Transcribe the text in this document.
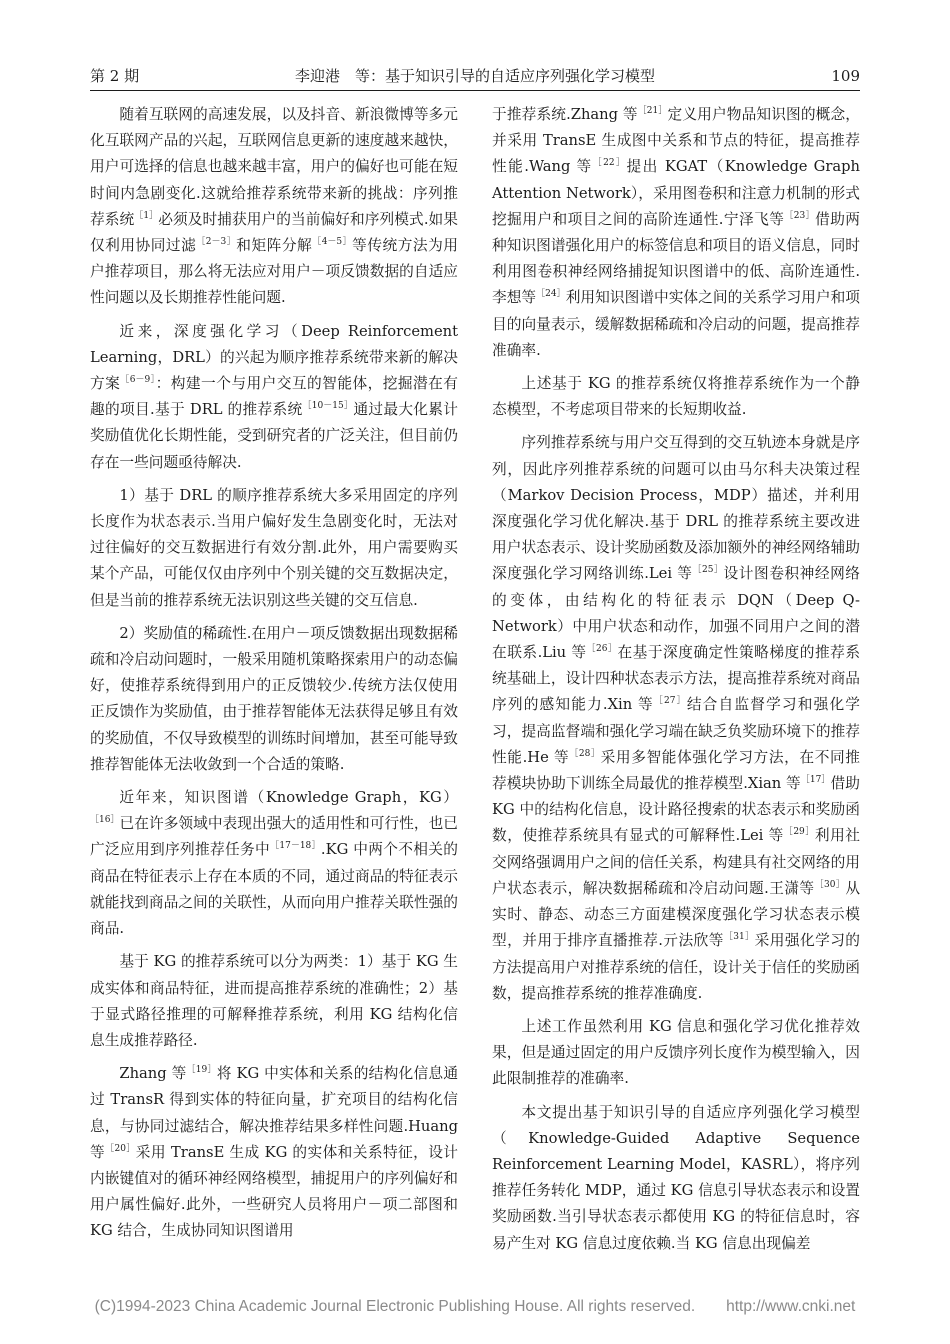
第 2 期	李迎港　等：基于知识引导的自适应序列强化学习模型	109

随着互联网的高速发展，以及抖音、新浪微博等多元化互联网产品的兴起，互联网信息更新的速度越来越快，用户可选择的信息也越来越丰富，用户的偏好也可能在短时间内急剧变化.这就给推荐系统带来新的挑战：序列推荐系统$^{[1]}$必须及时捕获用户的当前偏好和序列模式.如果仅利用协同过滤$^{[2-3]}$和矩阵分解$^{[4-5]}$等传统方法为用户推荐项目，那么将无法应对用户－项反馈数据的自适应性问题以及长期推荐性能问题.

近来，深度强化学习（Deep Reinforcement Learning，DRL）的兴起为顺序推荐系统带来新的解决方案$^{[6-9]}$：构建一个与用户交互的智能体，挖掘潜在有趣的项目.基于 DRL 的推荐系统$^{[10-15]}$通过最大化累计奖励值优化长期性能，受到研究者的广泛关注，但目前仍存在一些问题亟待解决.

1）基于 DRL 的顺序推荐系统大多采用固定的序列长度作为状态表示.当用户偏好发生急剧变化时，无法对过往偏好的交互数据进行有效分割.此外，用户需要购买某个产品，可能仅仅由序列中个别关键的交互数据决定，但是当前的推荐系统无法识别这些关键的交互信息.

2）奖励值的稀疏性.在用户－项反馈数据出现数据稀疏和冷启动问题时，一般采用随机策略探索用户的动态偏好，使推荐系统得到用户的正反馈较少.传统方法仅使用正反馈作为奖励值，由于推荐智能体无法获得足够且有效的奖励值，不仅导致模型的训练时间增加，甚至可能导致推荐智能体无法收敛到一个合适的策略.

近年来，知识图谱（Knowledge Graph，KG）$^{[16]}$已在许多领域中表现出强大的适用性和可行性，也已广泛应用到序列推荐任务中$^{[17-18]}$.KG 中两个不相关的商品在特征表示上存在本质的不同，通过商品的特征表示就能找到商品之间的关联性，从而向用户推荐关联性强的商品.

基于 KG 的推荐系统可以分为两类：1）基于 KG 生成实体和商品特征，进而提高推荐系统的准确性；2）基于显式路径推理的可解释推荐系统，利用 KG 结构化信息生成推荐路径.

Zhang 等$^{[19]}$将 KG 中实体和关系的结构化信息通过 TransR 得到实体的特征向量，扩充项目的结构化信息，与协同过滤结合，解决推荐结果多样性问题.Huang 等$^{[20]}$采用 TransE 生成 KG 的实体和关系特征，设计内嵌键值对的循环神经网络模型，捕捉用户的序列偏好和用户属性偏好.此外，一些研究人员将用户－项二部图和 KG 结合，生成协同知识图谱用

于推荐系统.Zhang 等$^{[21]}$定义用户物品知识图的概念，并采用 TransE 生成图中关系和节点的特征，提高推荐性能.Wang 等$^{[22]}$提出 KGAT（Knowledge Graph Attention Network），采用图卷积和注意力机制的形式挖掘用户和项目之间的高阶连通性.宁泽飞等$^{[23]}$借助两种知识图谱强化用户的标签信息和项目的语义信息，同时利用图卷积神经网络捕捉知识图谱中的低、高阶连通性.李想等$^{[24]}$利用知识图谱中实体之间的关系学习用户和项目的向量表示，缓解数据稀疏和冷启动的问题，提高推荐准确率.

上述基于 KG 的推荐系统仅将推荐系统作为一个静态模型，不考虑项目带来的长短期收益.

序列推荐系统与用户交互得到的交互轨迹本身就是序列，因此序列推荐系统的问题可以由马尔科夫决策过程（Markov Decision Process，MDP）描述，并利用深度强化学习优化解决.基于 DRL 的推荐系统主要改进用户状态表示、设计奖励函数及添加额外的神经网络辅助深度强化学习网络训练.Lei 等$^{[25]}$设计图卷积神经网络的变体，由结构化的特征表示 DQN（Deep Q-Network）中用户状态和动作，加强不同用户之间的潜在联系.Liu 等$^{[26]}$在基于深度确定性策略梯度的推荐系统基础上，设计四种状态表示方法，提高推荐系统对商品序列的感知能力.Xin 等$^{[27]}$结合自监督学习和强化学习，提高监督端和强化学习端在缺乏负奖励环境下的推荐性能.He 等$^{[28]}$采用多智能体强化学习方法，在不同推荐模块协助下训练全局最优的推荐模型.Xian 等$^{[17]}$借助 KG 中的结构化信息，设计路径搜索的状态表示和奖励函数，使推荐系统具有显式的可解释性.Lei 等$^{[29]}$利用社交网络强调用户之间的信任关系，构建具有社交网络的用户状态表示，解决数据稀疏和冷启动问题.王潇等$^{[30]}$从实时、静态、动态三方面建模深度强化学习状态表示模型，并用于排序直播推荐.亓法欣等$^{[31]}$采用强化学习的方法提高用户对推荐系统的信任，设计关于信任的奖励函数，提高推荐系统的推荐准确度.

上述工作虽然利用 KG 信息和强化学习优化推荐效果，但是通过固定的用户反馈序列长度作为模型输入，因此限制推荐的准确率.

本文提出基于知识引导的自适应序列强化学习模型（Knowledge-Guided Adaptive Sequence Reinforcement Learning Model，KASRL），将序列推荐任务转化 MDP，通过 KG 信息引导状态表示和设置奖励函数.当引导状态表示都使用 KG 的特征信息时，容易产生对 KG 信息过度依赖.当 KG 信息出现偏差

(C)1994-2023 China Academic Journal Electronic Publishing House. All rights reserved.　　http://www.cnki.net
